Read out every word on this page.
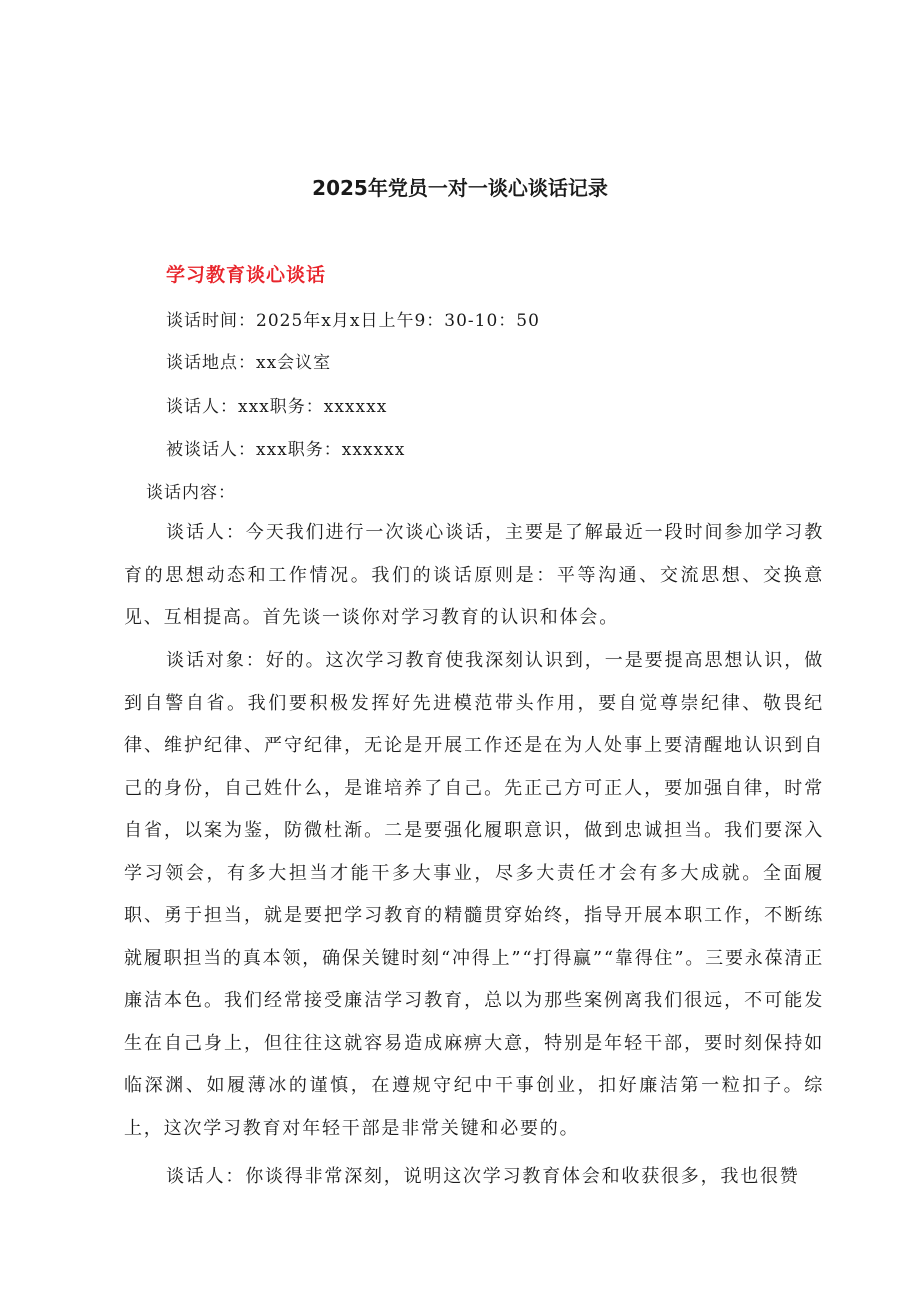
2025年党员一对一谈心谈话记录
学习教育谈心谈话
谈话时间：2025年x月x日上午9：30-10：50
谈话地点：xx会议室
谈话人：xxx职务：xxxxxx
被谈话人：xxx职务：xxxxxx
谈话内容：

谈话人：今天我们进行一次谈心谈话，主要是了解最近一段时间参加学习教育的思想动态和工作情况。我们的谈话原则是：平等沟通、交流思想、交换意见、互相提高。首先谈一谈你对学习教育的认识和体会。

谈话对象：好的。这次学习教育使我深刻认识到，一是要提高思想认识，做到自警自省。我们要积极发挥好先进模范带头作用，要自觉尊崇纪律、敬畏纪律、维护纪律、严守纪律，无论是开展工作还是在为人处事上要清醒地认识到自己的身份，自己姓什么，是谁培养了自己。先正己方可正人，要加强自律，时常自省，以案为鉴，防微杜渐。二是要强化履职意识，做到忠诚担当。我们要深入学习领会，有多大担当才能干多大事业，尽多大责任才会有多大成就。全面履职、勇于担当，就是要把学习教育的精髓贯穿始终，指导开展本职工作，不断练就履职担当的真本领，确保关键时刻“冲得上”“打得赢”“靠得住”。三要永葆清正廉洁本色。我们经常接受廉洁学习教育，总以为那些案例离我们很远，不可能发生在自己身上，但往往这就容易造成麻痹大意，特别是年轻干部，要时刻保持如临深渊、如履薄冰的谨慎，在遵规守纪中干事创业，扣好廉洁第一粒扣子。综上，这次学习教育对年轻干部是非常关键和必要的。

谈话人：你谈得非常深刻，说明这次学习教育体会和收获很多，我也很赞
